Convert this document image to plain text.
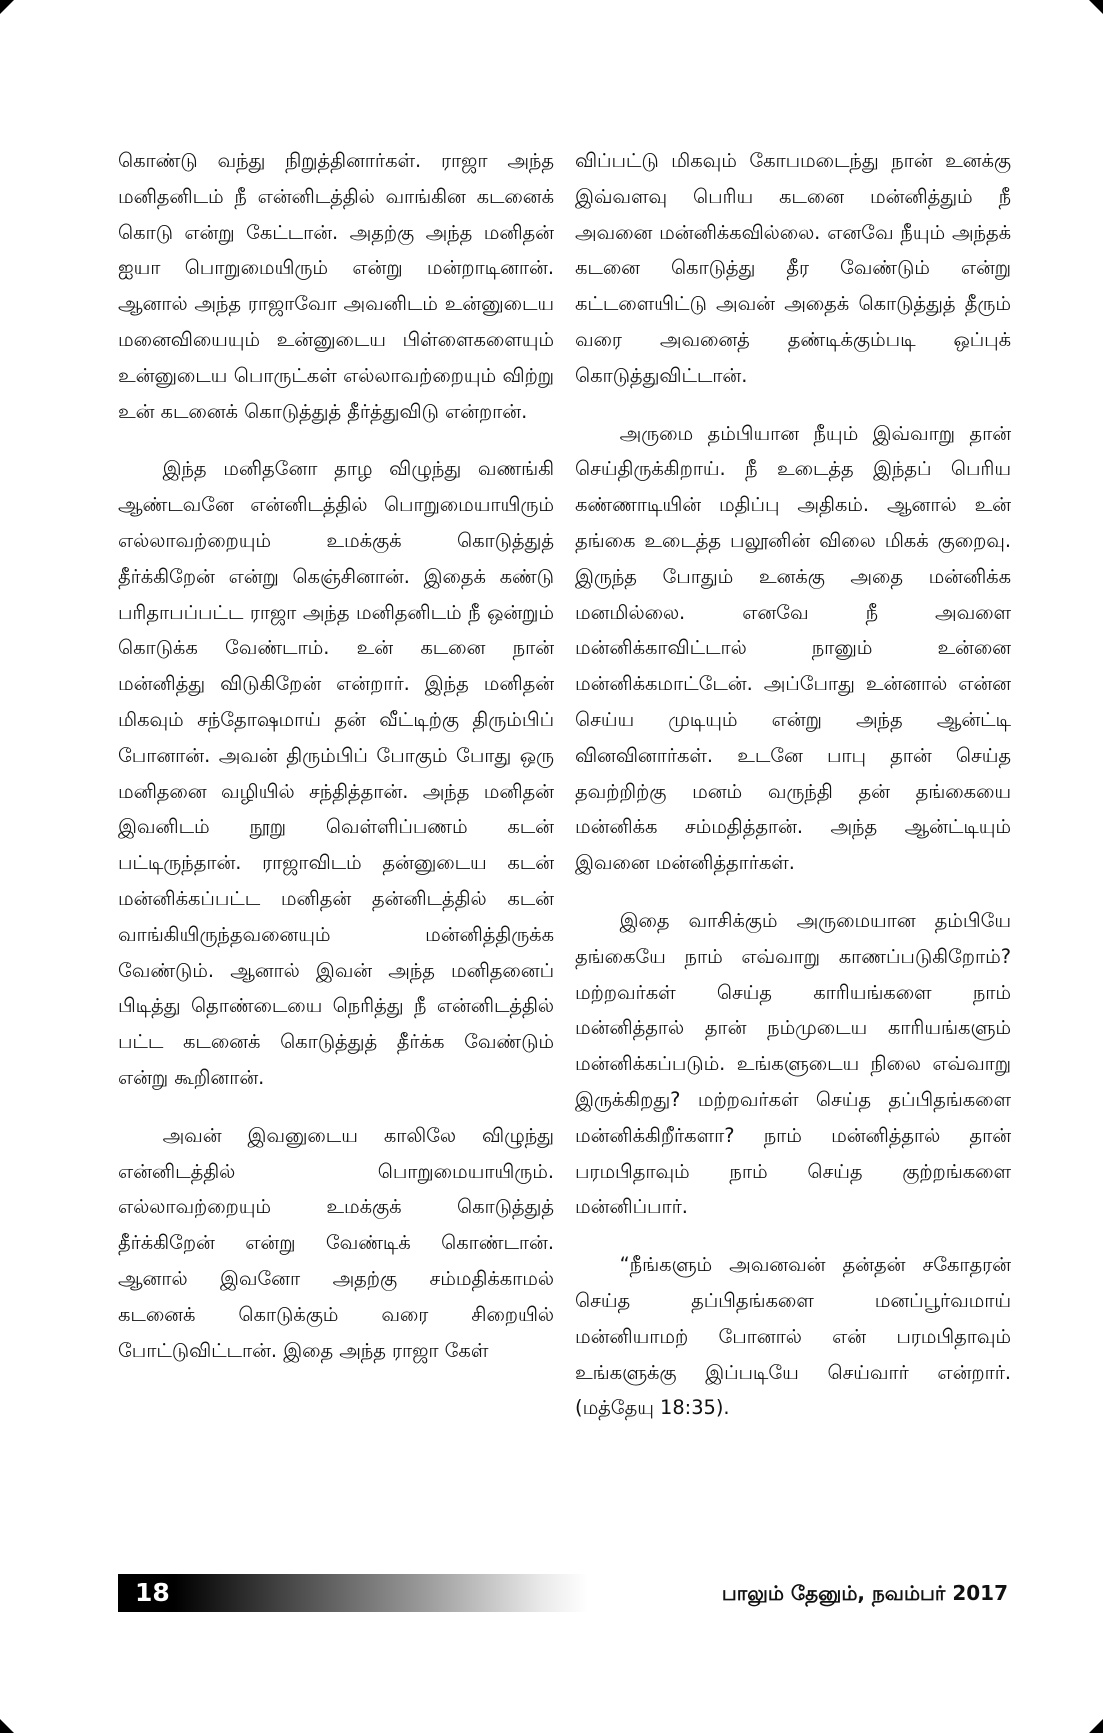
கொண்டு வந்து நிறுத்தினார்கள். ராஜா அந்த மனிதனிடம் நீ என்னிடத்தில் வாங்கின கடனைக் கொடு என்று கேட்டான். அதற்கு அந்த மனிதன் ஐயா பொறுமையிரும் என்று மன்றாடினான். ஆனால் அந்த ராஜாவோ அவனிடம் உன்னுடைய மனைவியையும் உன்னுடைய பிள்ளைகளையும் உன்னுடைய பொருட்கள் எல்லாவற்றையும் விற்று உன் கடனைக் கொடுத்துத் தீர்த்துவிடு என்றான்.

இந்த மனிதனோ தாழ விழுந்து வணங்கி ஆண்டவனே என்னிடத்தில் பொறுமையாயிரும் எல்லாவற்றையும் உமக்குக் கொடுத்துத் தீர்க்கிறேன் என்று கெஞ்சினான். இதைக் கண்டு பரிதாபப்பட்ட ராஜா அந்த மனிதனிடம் நீ ஒன்றும் கொடுக்க வேண்டாம். உன் கடனை நான் மன்னித்து விடுகிறேன் என்றார். இந்த மனிதன் மிகவும் சந்தோஷமாய் தன் வீட்டிற்கு திரும்பிப் போனான். அவன் திரும்பிப் போகும் போது ஒரு மனிதனை வழியில் சந்தித்தான். அந்த மனிதன் இவனிடம் நூறு வெள்ளிப்பணம் கடன் பட்டிருந்தான். ராஜாவிடம் தன்னுடைய கடன் மன்னிக்கப்பட்ட மனிதன் தன்னிடத்தில் கடன் வாங்கியிருந்தவனையும் மன்னித்திருக்க வேண்டும். ஆனால் இவன் அந்த மனிதனைப் பிடித்து தொண்டையை நெரித்து நீ என்னிடத்தில் பட்ட கடனைக் கொடுத்துத் தீர்க்க வேண்டும் என்று கூறினான்.

அவன் இவனுடைய காலிலே விழுந்து என்னிடத்தில் பொறுமையாயிரும். எல்லாவற்றையும் உமக்குக் கொடுத்துத் தீர்க்கிறேன் என்று வேண்டிக் கொண்டான். ஆனால் இவனோ அதற்கு சம்மதிக்காமல் கடனைக் கொடுக்கும் வரை சிறையில் போட்டுவிட்டான். இதை அந்த ராஜா கேள்

விப்பட்டு மிகவும் கோபமடைந்து நான் உனக்கு இவ்வளவு பெரிய கடனை மன்னித்தும் நீ அவனை மன்னிக்கவில்லை. எனவே நீயும் அந்தக் கடனை கொடுத்து தீர வேண்டும் என்று கட்டளையிட்டு அவன் அதைக் கொடுத்துத் தீரும் வரை அவனைத் தண்டிக்கும்படி ஒப்புக் கொடுத்துவிட்டான்.

அருமை தம்பியான நீயும் இவ்வாறு தான் செய்திருக்கிறாய். நீ உடைத்த இந்தப் பெரிய கண்ணாடியின் மதிப்பு அதிகம். ஆனால் உன் தங்கை உடைத்த பலூனின் விலை மிகக் குறைவு. இருந்த போதும் உனக்கு அதை மன்னிக்க மனமில்லை. எனவே நீ அவளை மன்னிக்காவிட்டால் நானும் உன்னை மன்னிக்கமாட்டேன். அப்போது உன்னால் என்ன செய்ய முடியும் என்று அந்த ஆன்ட்டி வினவினார்கள். உடனே பாபு தான் செய்த தவற்றிற்கு மனம் வருந்தி தன் தங்கையை மன்னிக்க சம்மதித்தான். அந்த ஆன்ட்டியும் இவனை மன்னித்தார்கள்.

இதை வாசிக்கும் அருமையான தம்பியே தங்கையே நாம் எவ்வாறு காணப்படுகிறோம்? மற்றவர்கள் செய்த காரியங்களை நாம் மன்னித்தால் தான் நம்முடைய காரியங்களும் மன்னிக்கப்படும். உங்களுடைய நிலை எவ்வாறு இருக்கிறது? மற்றவர்கள் செய்த தப்பிதங்களை மன்னிக்கிறீர்களா? நாம் மன்னித்தால் தான் பரமபிதாவும் நாம் செய்த குற்றங்களை மன்னிப்பார்.

“நீங்களும் அவனவன் தன்தன் சகோதரன் செய்த தப்பிதங்களை மனப்பூர்வமாய் மன்னியாமற் போனால் என் பரமபிதாவும் உங்களுக்கு இப்படியே செய்வார் என்றார். (மத்தேயு 18:35).

18	பாலும் தேனும், நவம்பர் 2017
